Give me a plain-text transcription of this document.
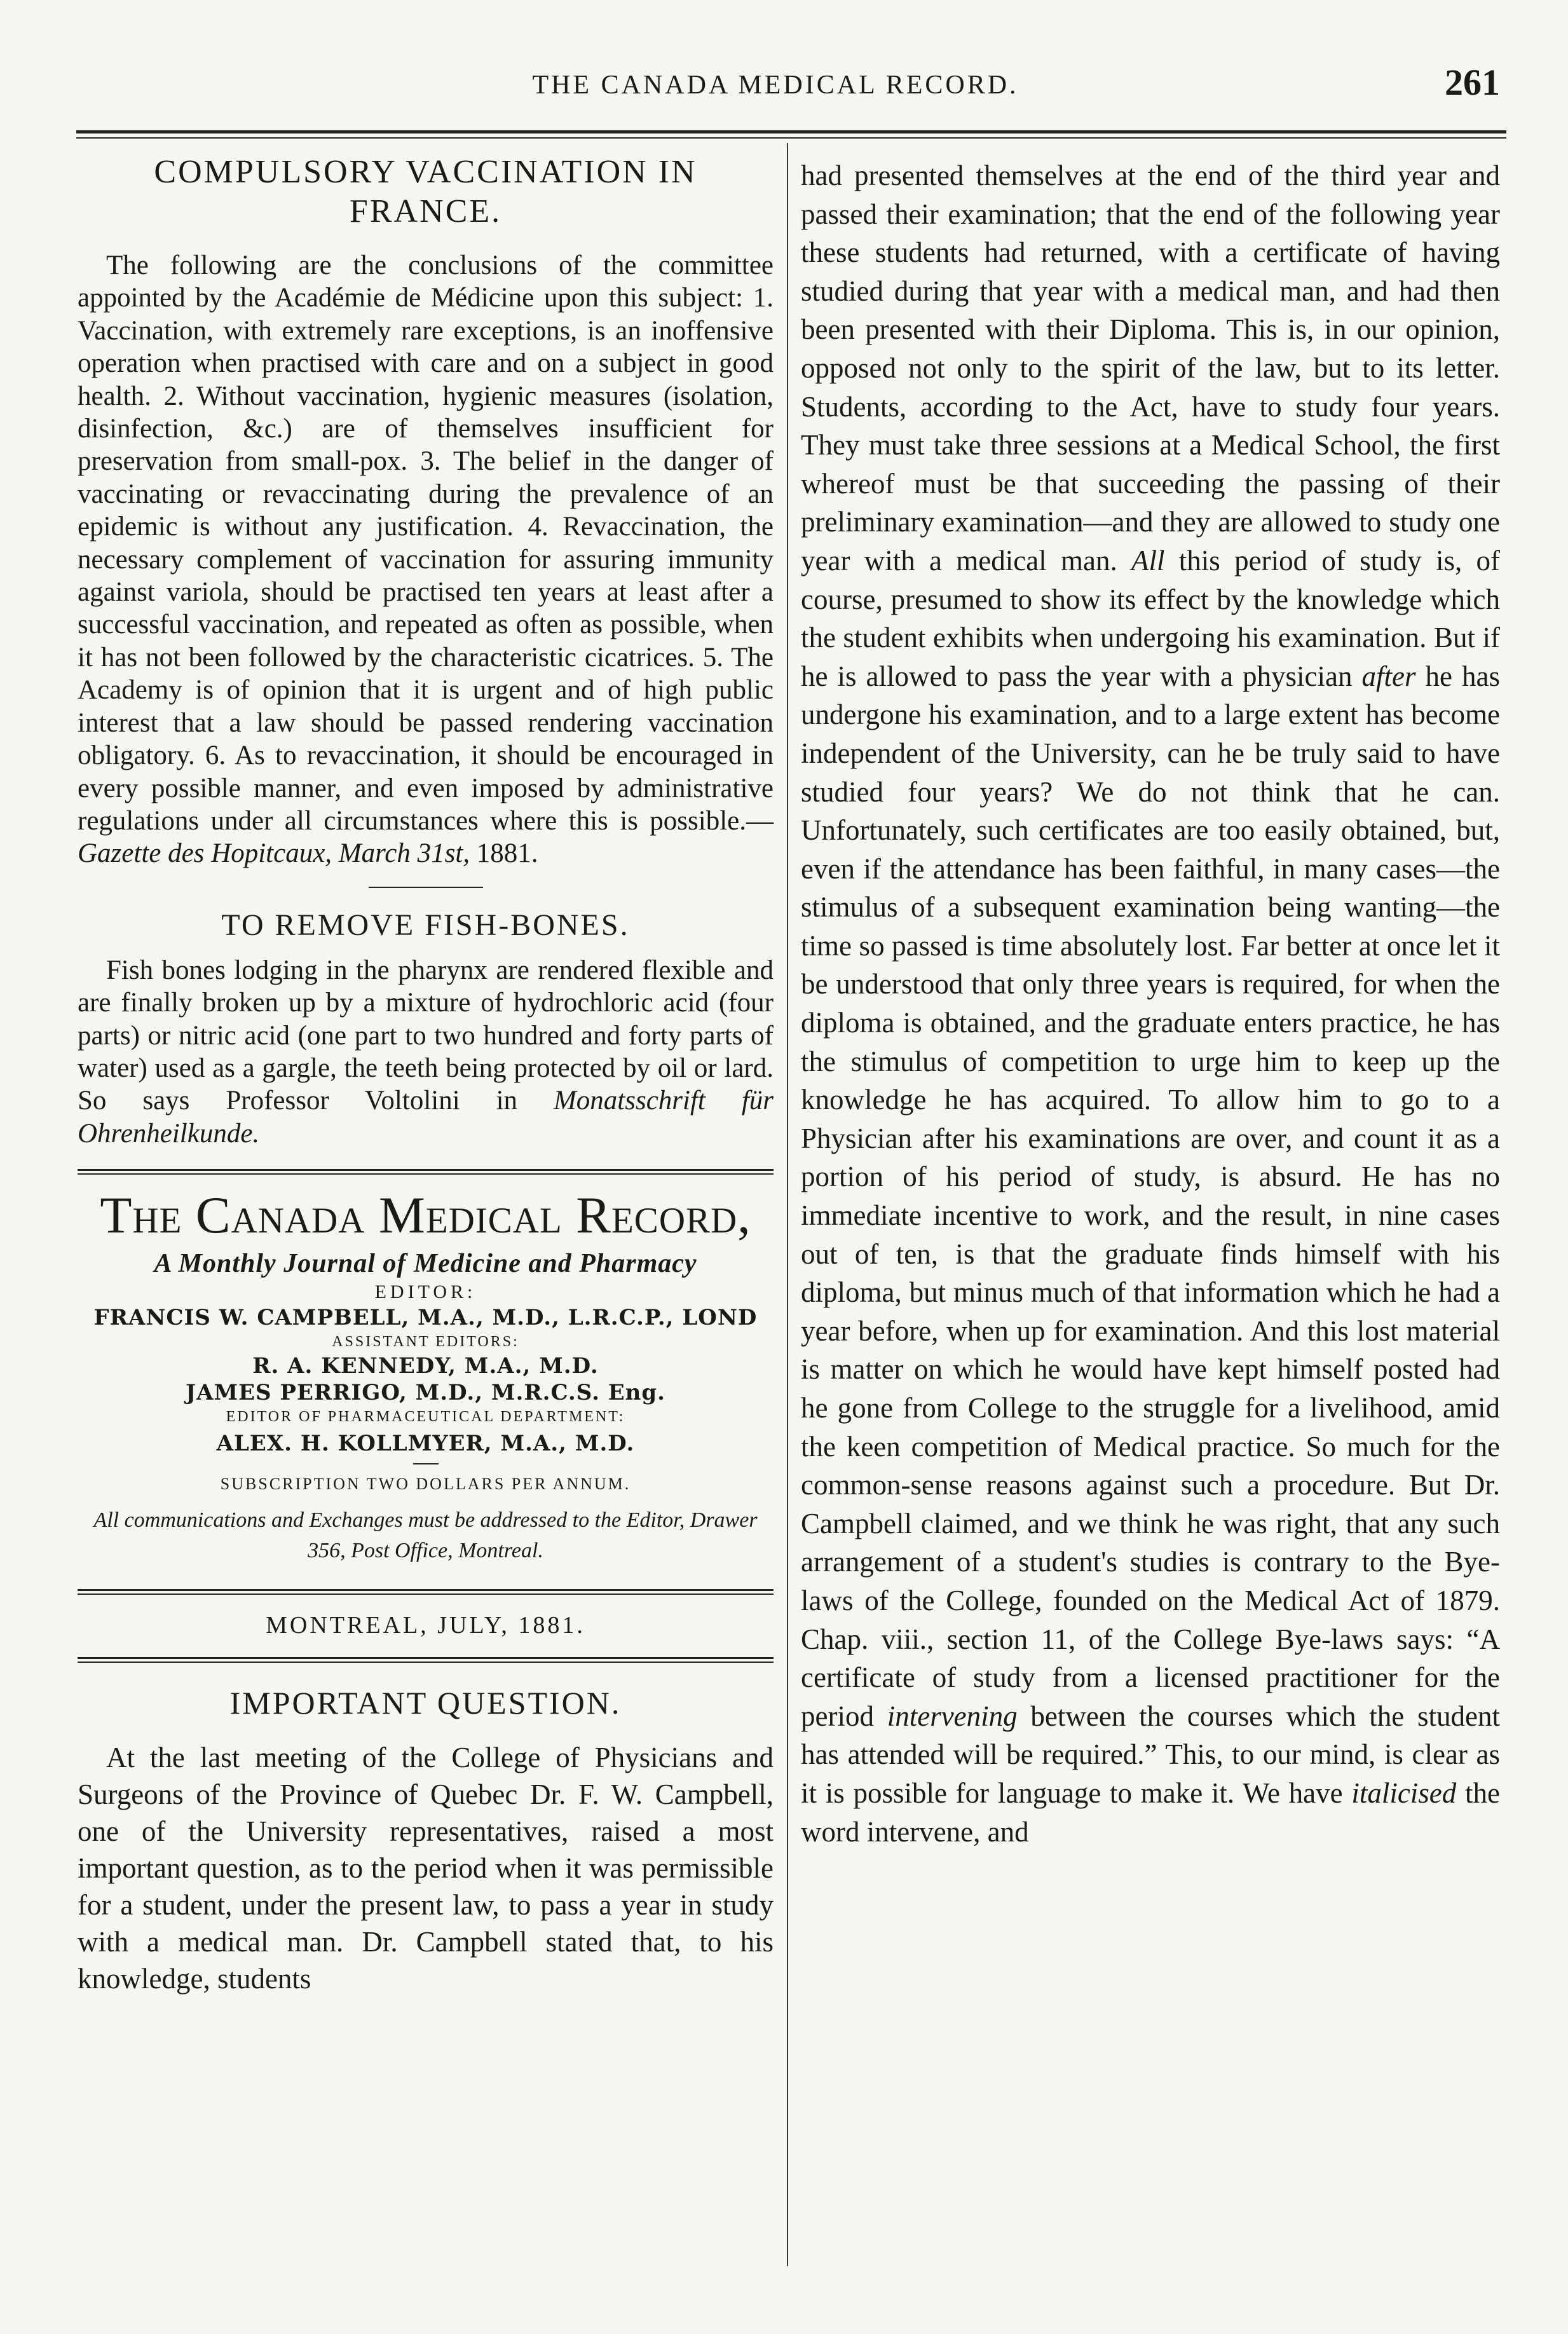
THE CANADA MEDICAL RECORD.	261
COMPULSORY VACCINATION IN FRANCE.

The following are the conclusions of the committee appointed by the Académie de Médicine upon this subject: 1. Vaccination, with extremely rare exceptions, is an inoffensive operation when practised with care and on a subject in good health. 2. Without vaccination, hygienic measures (isolation, disinfection, &c.) are of themselves insufficient for preservation from small-pox. 3. The belief in the danger of vaccinating or revaccinating during the prevalence of an epidemic is without any justification. 4. Revaccination, the necessary complement of vaccination for assuring immunity against variola, should be practised ten years at least after a successful vaccination, and repeated as often as possible, when it has not been followed by the characteristic cicatrices. 5. The Academy is of opinion that it is urgent and of high public interest that a law should be passed rendering vaccination obligatory. 6. As to revaccination, it should be encouraged in every possible manner, and even imposed by administrative regulations under all circumstances where this is possible.—Gazette des Hopitcaux, March 31st, 1881.

TO REMOVE FISH-BONES.

Fish bones lodging in the pharynx are rendered flexible and are finally broken up by a mixture of hydrochloric acid (four parts) or nitric acid (one part to two hundred and forty parts of water) used as a gargle, the teeth being protected by oil or lard. So says Professor Voltolini in Monatsschrift für Ohrenheilkunde.

The Canada Medical Record,
A Monthly Journal of Medicine and Pharmacy
EDITOR:
FRANCIS W. CAMPBELL, M.A., M.D., L.R.C.P., LOND
ASSISTANT EDITORS:
R. A. KENNEDY, M.A., M.D.
JAMES PERRIGO, M.D., M.R.C.S. Eng.
EDITOR OF PHARMACEUTICAL DEPARTMENT:
ALEX. H. KOLLMYER, M.A., M.D.
SUBSCRIPTION TWO DOLLARS PER ANNUM.
All communications and Exchanges must be addressed to the Editor, Drawer 356, Post Office, Montreal.
MONTREAL, JULY, 1881.
IMPORTANT QUESTION.

At the last meeting of the College of Physicians and Surgeons of the Province of Quebec Dr. F. W. Campbell, one of the University representatives, raised a most important question, as to the period when it was permissible for a student, under the present law, to pass a year in study with a medical man. Dr. Campbell stated that, to his knowledge, students

had presented themselves at the end of the third year and passed their examination; that the end of the following year these students had returned, with a certificate of having studied during that year with a medical man, and had then been presented with their Diploma. This is, in our opinion, opposed not only to the spirit of the law, but to its letter. Students, according to the Act, have to study four years. They must take three sessions at a Medical School, the first whereof must be that succeeding the passing of their preliminary examination—and they are allowed to study one year with a medical man. All this period of study is, of course, presumed to show its effect by the knowledge which the student exhibits when undergoing his examination. But if he is allowed to pass the year with a physician after he has undergone his examination, and to a large extent has become independent of the University, can he be truly said to have studied four years? We do not think that he can. Unfortunately, such certificates are too easily obtained, but, even if the attendance has been faithful, in many cases—the stimulus of a subsequent examination being wanting—the time so passed is time absolutely lost. Far better at once let it be understood that only three years is required, for when the diploma is obtained, and the graduate enters practice, he has the stimulus of competition to urge him to keep up the knowledge he has acquired. To allow him to go to a Physician after his examinations are over, and count it as a portion of his period of study, is absurd. He has no immediate incentive to work, and the result, in nine cases out of ten, is that the graduate finds himself with his diploma, but minus much of that information which he had a year before, when up for examination. And this lost material is matter on which he would have kept himself posted had he gone from College to the struggle for a livelihood, amid the keen competition of Medical practice. So much for the common-sense reasons against such a procedure. But Dr. Campbell claimed, and we think he was right, that any such arrangement of a student's studies is contrary to the Bye-laws of the College, founded on the Medical Act of 1879. Chap. viii., section 11, of the College Bye-laws says: “A certificate of study from a licensed practitioner for the period intervening between the courses which the student has attended will be required.” This, to our mind, is clear as it is possible for language to make it. We have italicised the word intervene, and
